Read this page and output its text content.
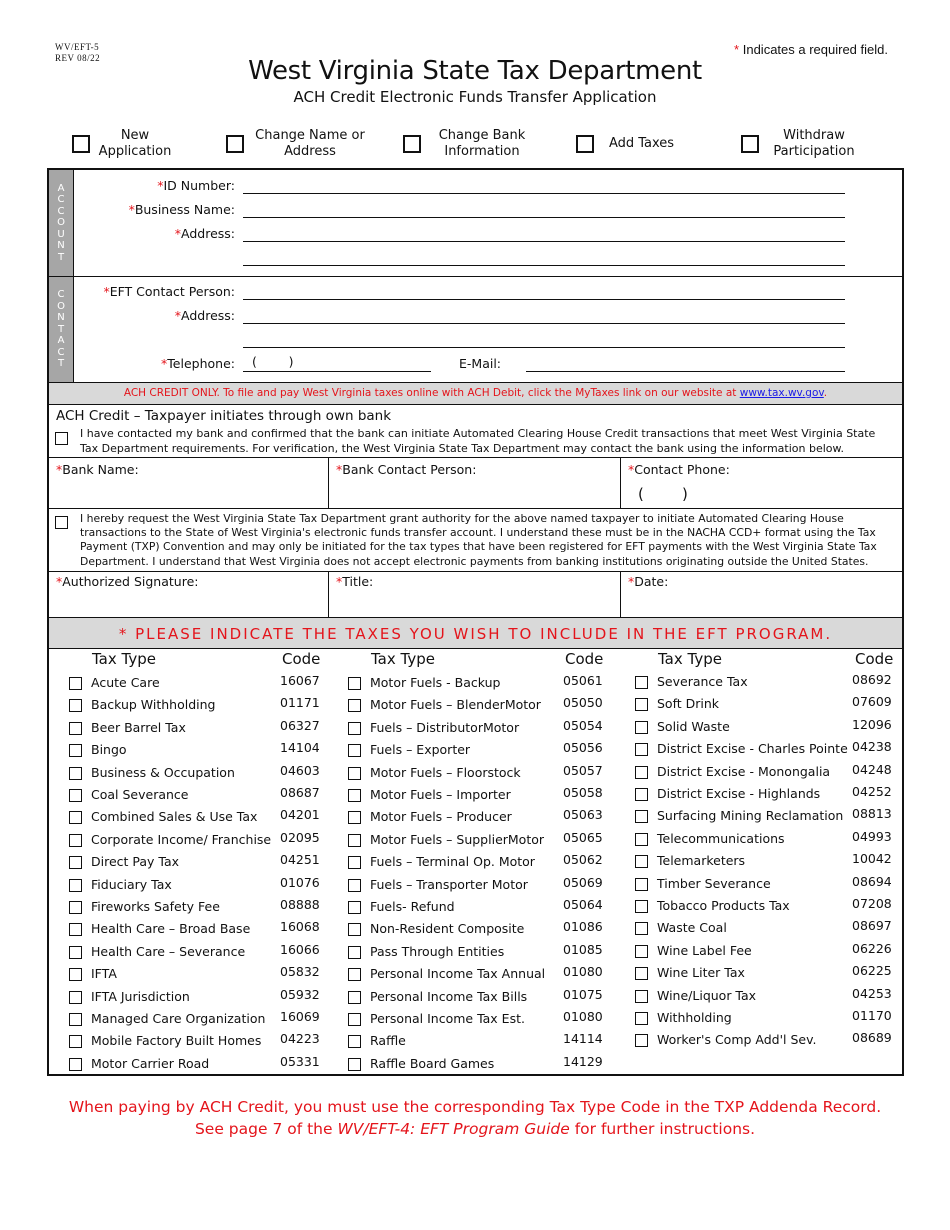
WV/EFT-5
REV 08/22
* Indicates a required field.
West Virginia State Tax Department
ACH Credit Electronic Funds Transfer Application
New
Application
Change Name or
Address
Change Bank
Information
Add Taxes
Withdraw
Participation
A
C
C
O
U
N
T
*ID Number:
*Business Name:
*Address:
C
O
N
T
A
C
T
*EFT Contact Person:
*Address:
*Telephone: (        )	E-Mail:
ACH CREDIT ONLY. To file and pay West Virginia taxes online with ACH Debit, click the MyTaxes link on our website at www.tax.wv.gov.
ACH Credit – Taxpayer initiates through own bank
I have contacted my bank and confirmed that the bank can initiate Automated Clearing House Credit transactions that meet West Virginia State Tax Department requirements. For verification, the West Virginia State Tax Department may contact the bank using the information below.
*Bank Name:	*Bank Contact Person:	*Contact Phone:
(        )
I hereby request the West Virginia State Tax Department grant authority for the above named taxpayer to initiate Automated Clearing House transactions to the State of West Virginia's electronic funds transfer account. I understand these must be in the NACHA CCD+ format using the Tax Payment (TXP) Convention and may only be initiated for the tax types that have been registered for EFT payments with the West Virginia State Tax Department. I understand that West Virginia does not accept electronic payments from banking institutions originating outside the United States.
*Authorized Signature:	*Title:	*Date:
* PLEASE INDICATE THE TAXES YOU WISH TO INCLUDE IN THE EFT PROGRAM.
Tax Type	Code	Tax Type	Code	Tax Type	Code
Acute Care	16067
Backup Withholding	01171
Beer Barrel Tax	06327
Bingo	14104
Business & Occupation	04603
Coal Severance	08687
Combined Sales & Use Tax 04201
Corporate Income/ Franchise 02095
Direct Pay Tax	04251
Fiduciary Tax	01076
Fireworks Safety Fee	08888
Health Care – Broad Base 16068
Health Care – Severance	16066
IFTA	05832
IFTA Jurisdiction	05932
Managed Care Organization 16069
Mobile Factory Built Homes 04223
Motor Carrier Road	05331
Motor Fuels - Backup	05061
Motor Fuels – BlenderMotor 05050
Fuels – DistributorMotor	05054
Fuels – Exporter	05056
Motor Fuels – Floorstock	05057
Motor Fuels – Importer	05058
Motor Fuels – Producer	05063
Motor Fuels – SupplierMotor 05065
Fuels – Terminal Op. Motor 05062
Fuels – Transporter Motor	05069
Fuels- Refund	05064
Non-Resident Composite	01086
Pass Through Entities	01085
Personal Income Tax Annual 01080
Personal Income Tax Bills	01075
Personal Income Tax Est.	01080
Raffle	14114
Raffle Board Games	14129
Severance Tax	08692
Soft Drink	07609
Solid Waste	12096
District Excise - Charles Pointe 04238
District Excise - Monongalia 04248
District Excise - Highlands	04252
Surfacing Mining Reclamation 08813
Telecommunications	04993
Telemarketers	10042
Timber Severance	08694
Tobacco Products Tax	07208
Waste Coal	08697
Wine Label Fee	06226
Wine Liter Tax	06225
Wine/Liquor Tax	04253
Withholding	01170
Worker's Comp Add'l Sev.	08689
When paying by ACH Credit, you must use the corresponding Tax Type Code in the TXP Addenda Record.
See page 7 of the WV/EFT-4: EFT Program Guide for further instructions.
